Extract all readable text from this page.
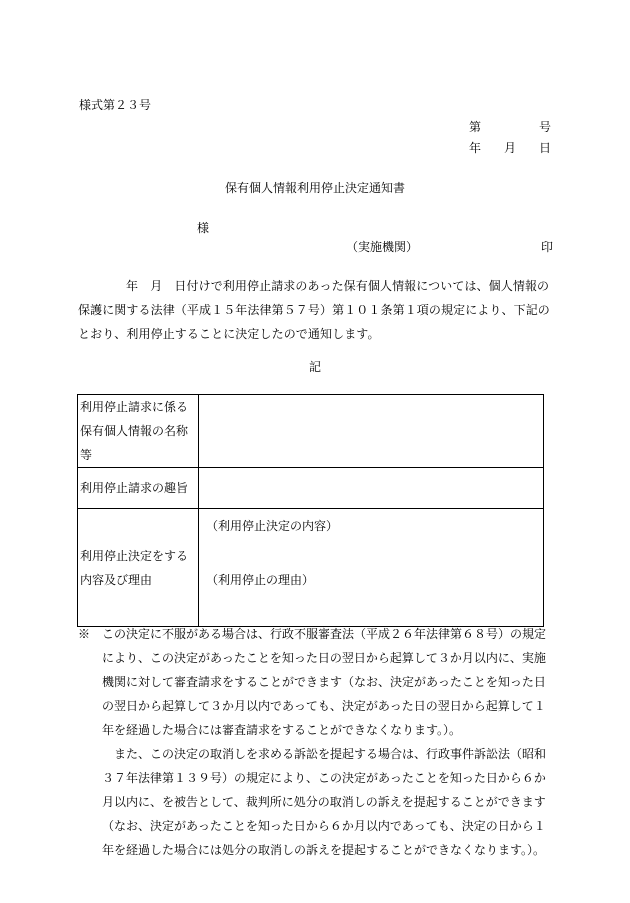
様式第２３号
第	号
年 月 日
保有個人情報利用停止決定通知書
様
（実施機関）	印
年　月　日付けで利用停止請求のあった保有個人情報については、個人情報の保護に関する法律（平成１５年法律第５７号）第１０１条第１項の規定により、下記のとおり、利用停止することに決定したので通知します。
記
利用停止請求に係る保有個人情報の名称等	
利用停止請求の趣旨	
利用停止決定をする内容及び理由	（利用停止決定の内容）
（利用停止の理由）

※　この決定に不服がある場合は、行政不服審査法（平成２６年法律第６８号）の規定により、この決定があったことを知った日の翌日から起算して３か月以内に、実施機関に対して審査請求をすることができます（なお、決定があったことを知った日の翌日から起算して３か月以内であっても、決定があった日の翌日から起算して１年を経過した場合には審査請求をすることができなくなります。）。

また、この決定の取消しを求める訴訟を提起する場合は、行政事件訴訟法（昭和３７年法律第１３９号）の規定により、この決定があったことを知った日から６か月以内に、を被告として、裁判所に処分の取消しの訴えを提起することができます（なお、決定があったことを知った日から６か月以内であっても、決定の日から１年を経過した場合には処分の取消しの訴えを提起することができなくなります。）。
